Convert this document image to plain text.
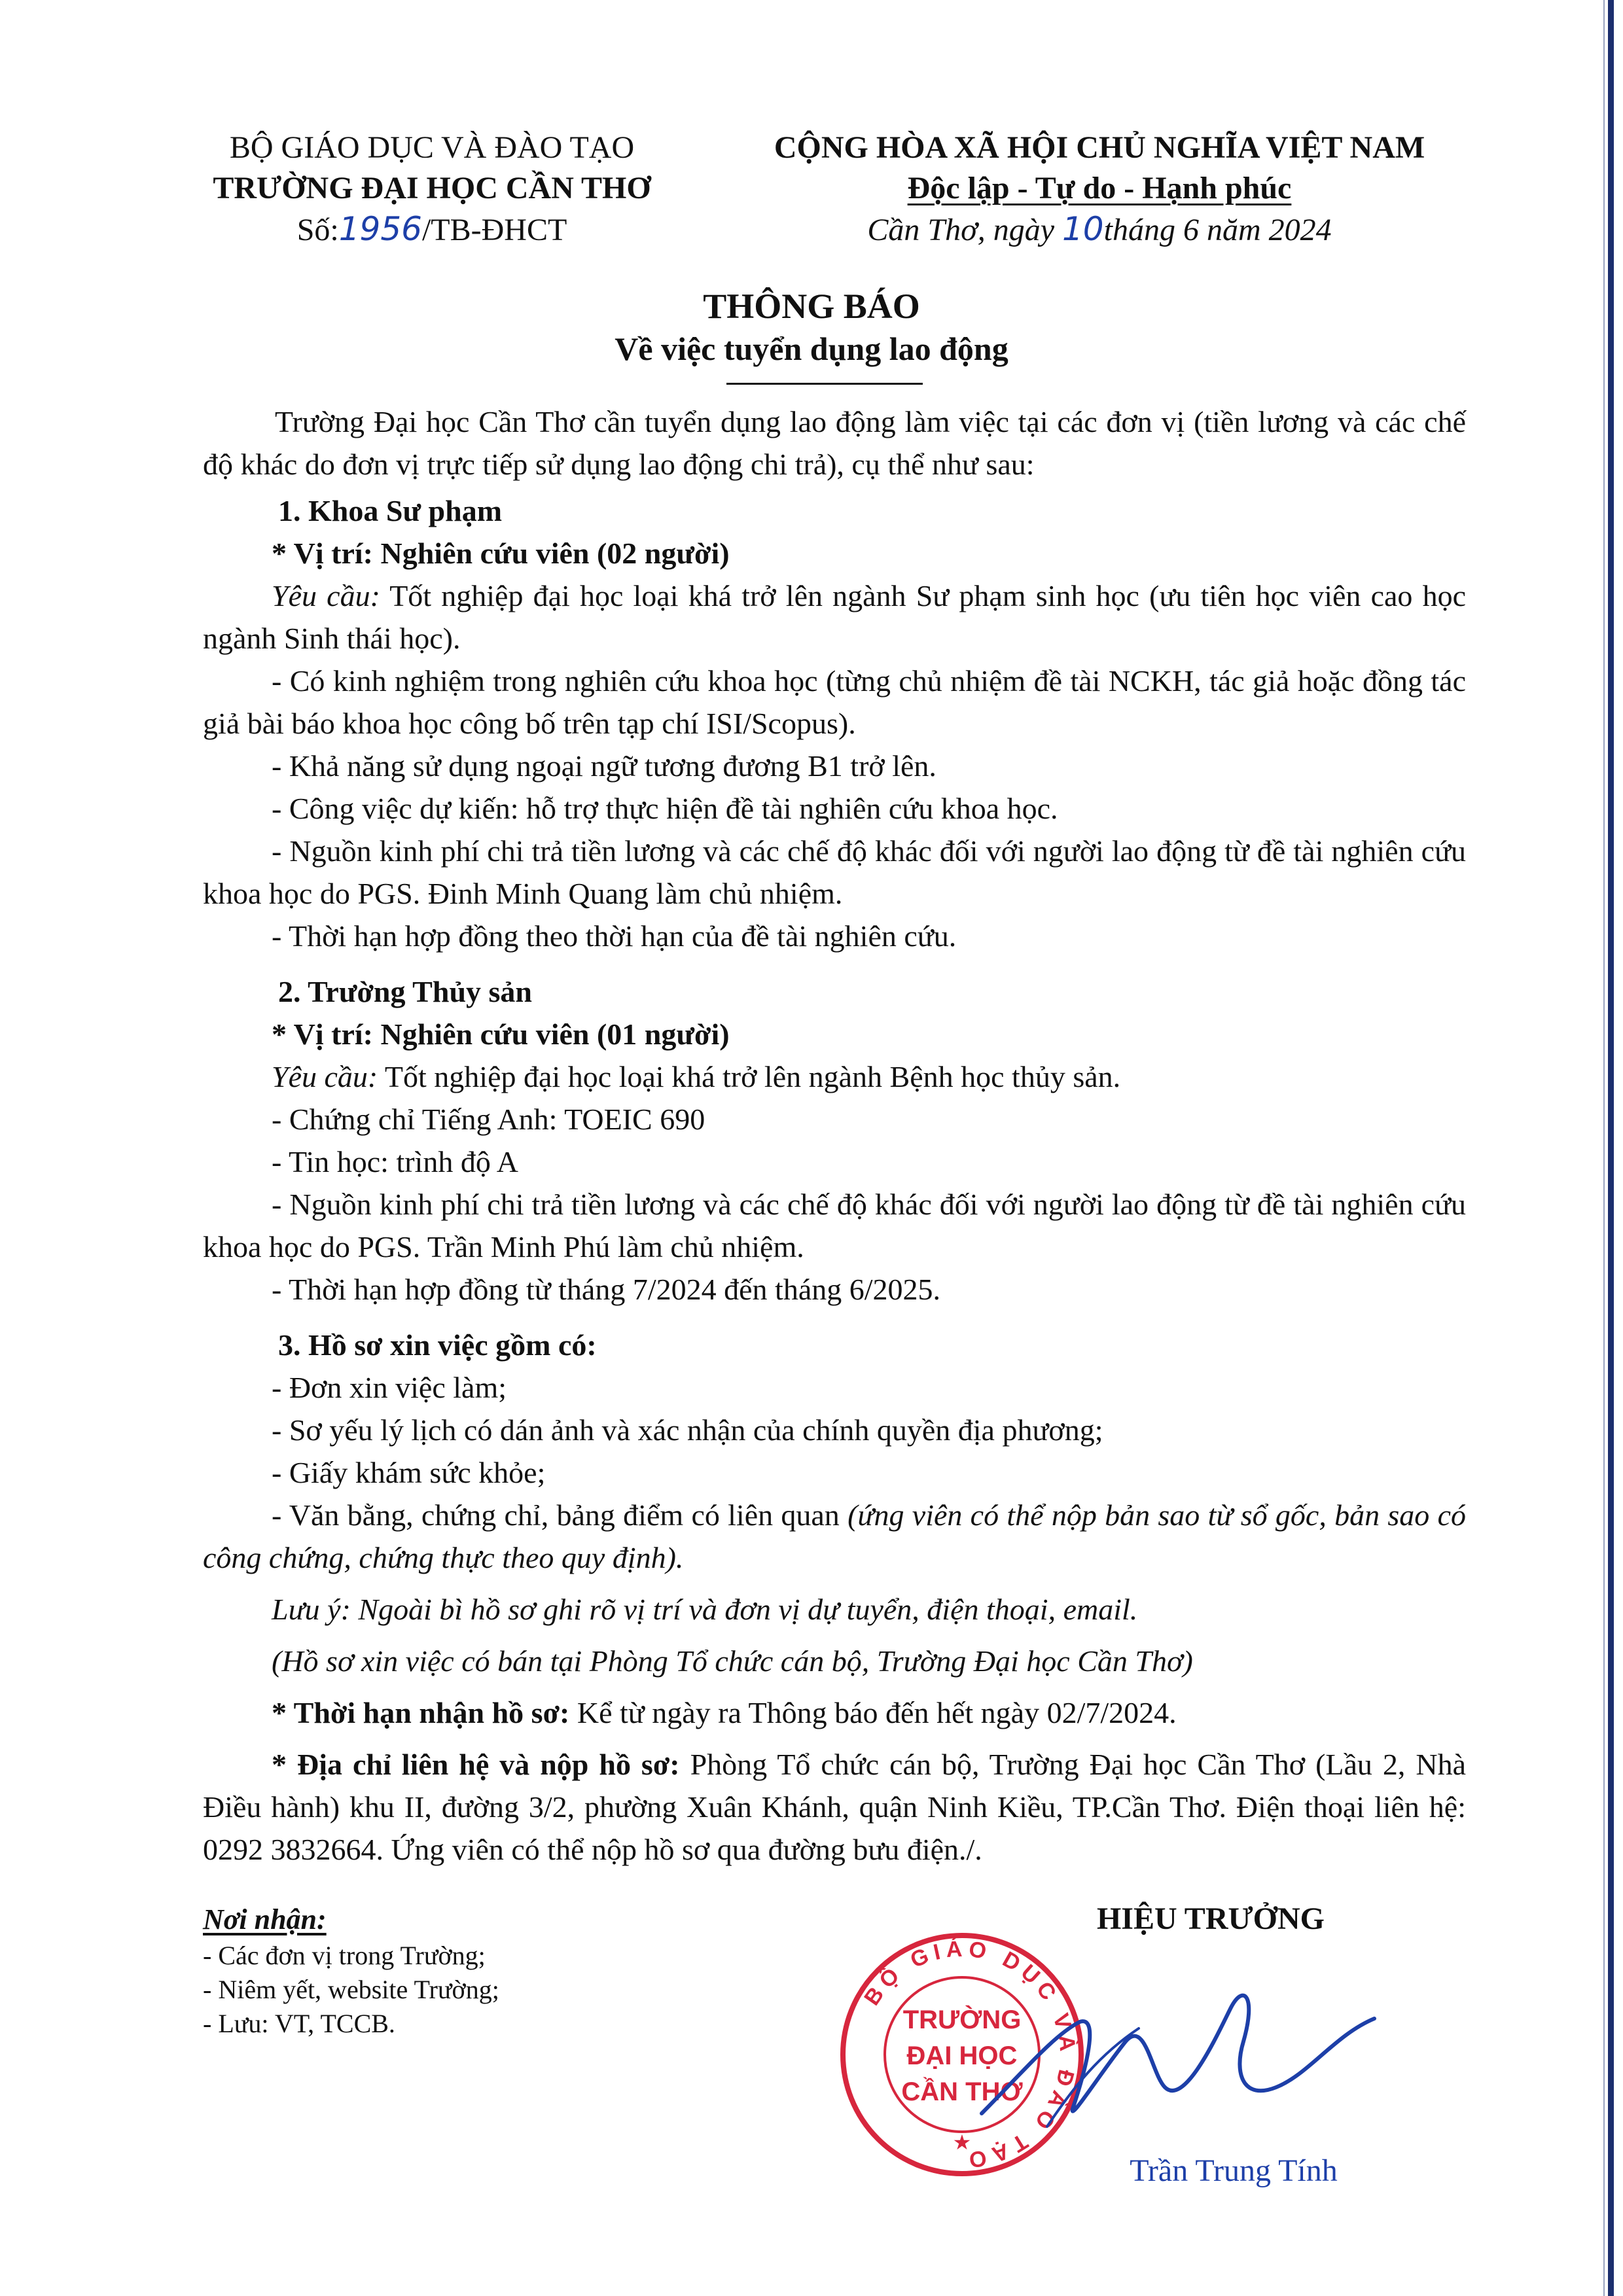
BỘ GIÁO DỤC VÀ ĐÀO TẠO
TRƯỜNG ĐẠI HỌC CẦN THƠ
Số:1956/TB-ĐHCT
CỘNG HÒA XÃ HỘI CHỦ NGHĨA VIỆT NAM
Độc lập - Tự do - Hạnh phúc
Cần Thơ, ngày 10tháng 6 năm 2024
THÔNG BÁO
Về việc tuyển dụng lao động

Trường Đại học Cần Thơ cần tuyển dụng lao động làm việc tại các đơn vị (tiền lương và các chế độ khác do đơn vị trực tiếp sử dụng lao động chi trả), cụ thể như sau:

1. Khoa Sư phạm

* Vị trí: Nghiên cứu viên (02 người)

Yêu cầu: Tốt nghiệp đại học loại khá trở lên ngành Sư phạm sinh học (ưu tiên học viên cao học ngành Sinh thái học).

- Có kinh nghiệm trong nghiên cứu khoa học (từng chủ nhiệm đề tài NCKH, tác giả hoặc đồng tác giả bài báo khoa học công bố trên tạp chí ISI/Scopus).

- Khả năng sử dụng ngoại ngữ tương đương B1 trở lên.

- Công việc dự kiến: hỗ trợ thực hiện đề tài nghiên cứu khoa học.

- Nguồn kinh phí chi trả tiền lương và các chế độ khác đối với người lao động từ đề tài nghiên cứu khoa học do PGS. Đinh Minh Quang làm chủ nhiệm.

- Thời hạn hợp đồng theo thời hạn của đề tài nghiên cứu.

2. Trường Thủy sản

* Vị trí: Nghiên cứu viên (01 người)

Yêu cầu: Tốt nghiệp đại học loại khá trở lên ngành Bệnh học thủy sản.

- Chứng chỉ Tiếng Anh: TOEIC 690

- Tin học: trình độ A

- Nguồn kinh phí chi trả tiền lương và các chế độ khác đối với người lao động từ đề tài nghiên cứu khoa học do PGS. Trần Minh Phú làm chủ nhiệm.

- Thời hạn hợp đồng từ tháng 7/2024 đến tháng 6/2025.

3. Hồ sơ xin việc gồm có:

- Đơn xin việc làm;

- Sơ yếu lý lịch có dán ảnh và xác nhận của chính quyền địa phương;

- Giấy khám sức khỏe;

- Văn bằng, chứng chỉ, bảng điểm có liên quan (ứng viên có thể nộp bản sao từ sổ gốc, bản sao có công chứng, chứng thực theo quy định).

Lưu ý: Ngoài bì hồ sơ ghi rõ vị trí và đơn vị dự tuyển, điện thoại, email.

(Hồ sơ xin việc có bán tại Phòng Tổ chức cán bộ, Trường Đại học Cần Thơ)

* Thời hạn nhận hồ sơ: Kể từ ngày ra Thông báo đến hết ngày 02/7/2024.

* Địa chỉ liên hệ và nộp hồ sơ: Phòng Tổ chức cán bộ, Trường Đại học Cần Thơ (Lầu 2, Nhà Điều hành) khu II, đường 3/2, phường Xuân Khánh, quận Ninh Kiều, TP.Cần Thơ. Điện thoại liên hệ: 0292 3832664. Ứng viên có thể nộp hồ sơ qua đường bưu điện./.

Nơi nhận:
- Các đơn vị trong Trường;
- Niêm yết, website Trường;
- Lưu: VT, TCCB.
HIỆU TRƯỞNG
BỘ GIÁO DỤC VÀ ĐÀO TẠO
TRƯỜNG
ĐẠI HỌC
CẦN THƠ
★
Trần Trung Tính
